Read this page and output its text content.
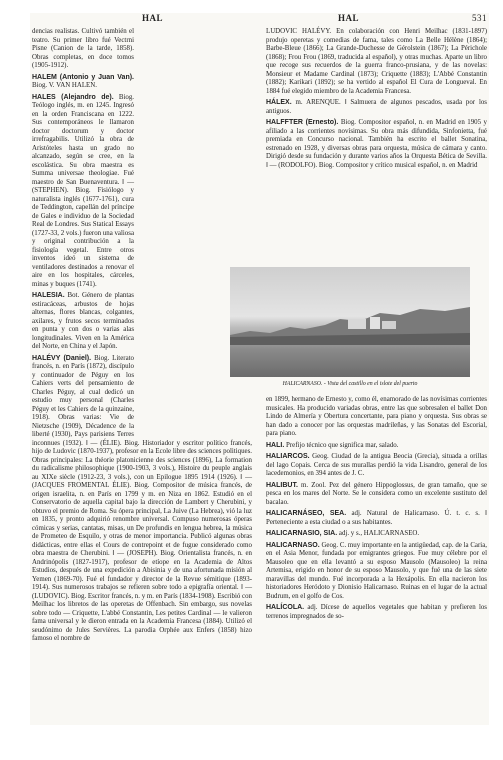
HAL	HAL	531
dencias realistas. Cultivó también el teatro. Su primer libro fué Vectrni Pisne (Canion de la tarde, 1858). Obras completas, en doce tomos (1905-1912).
HALEM (Antonio y Juan Van). Biog. V. VAN HALEN.
HALES (Alejandro de). Biog. Teólogo inglés, m. en 1245. Ingresó en la orden Franciscana en 1222. Sus contemporáneos le llamaron doctor doctorum y doctor irrefragabilis. Utilizó la obra de Aristóteles hasta un grado no alcanzado, según se cree, en la escolástica. Su obra maestra es Summa universae theologiae. Fué maestro de San Buenaventura. ‖ — (STEPHEN). Biog. Fisiólogo y naturalista inglés (1677-1761), cura de Teddington, capellán del príncipe de Gales e individuo de la Sociedad Real de Londres. Sus Statical Essays (1727-33, 2 vols.) fueron una valiosa y original contribución a la fisiología vegetal. Entre otros inventos ideó un sistema de ventiladores destinados a renovar el aire en los hospitales, cárceles, minas y buques (1741).
HALESIA. Bot. Género de plantas estiracáceas, arbustos de hojas alternas, flores blancas, colgantes, axilares, y frutos secos terminados en punta y con dos o varias alas longitudinales. Viven en la América del Norte, en China y el Japón.
HALÉVY (Daniel). Biog. Literato francés, n. en París (1872), discípulo y continuador de Péguy en los Cahiers verts del pensamiento de Charles Péguy, al cual dedicó un estudio muy personal (Charles Péguy et les Cahiers de la quinzaine, 1918). Obras varias: Vie de Nietzsche (1909), Décadence de la liberté (1930), Pays parisiens Terres inconnues (1932). ‖ — (ÉLIE). Biog. Historiador y escritor político francés, hijo de Ludovic (1870-1937), profesor en la Ecole libre des sciences politiques. Obras principales: La théorie platonicienne des sciences (1896), La formation du radicalisme philosophique (1900-1903, 3 vols.), Histoire du peuple anglais au XIXe siècle (1912-23, 3 vols.), con un Epilogue 1895 1914 (1926). ‖ — (JACQUES FROMENTAL ÉLIE). Biog. Compositor de música francés, de origen israelita, n. en París en 1799 y m. en Niza en 1862. Estudió en el Conservatorio de aquella capital bajo la dirección de Lambert y Cherubini, y obtuvo el premio de Roma. Su ópera principal, La Juive (La Hebrea), vió la luz en 1835, y pronto adquirió renombre universal. Compuso numerosas óperas cómicas y serias, cantatas, misas, un De profundis en lengua hebrea, la música de Prometeo de Esquilo, y otras de menor importancia. Publicó algunas obras didácticas, entre ellas el Cours de contrepoint et de fugue considerado como obra maestra de Cherubini. ‖ — (JOSEPH). Biog. Orientalista francés, n. en Andrinópolis (1827-1917), profesor de etíope en la Academia de Altos Estudios, después de una expedición a Abisinia y de una afortunada misión al Yemen (1869-70). Fué el fundador y director de la Revue sémitique (1893-1914). Sus numerosos trabajos se refieren sobre todo a epigrafía oriental. ‖ — (LUDOVIC). Biog. Escritor francés, n. y m. en París (1834-1908). Escribió con Meilhac los libretos de las operetas de Offenbach. Sin embargo, sus novelas sobre todo — Criquette, L'abbé Constantin, Les petites Cardinal — le valieron fama universal y le dieron entrada en la Academia Francesa (1884). Utilizó el seudónimo de Jules Servières. La parodia Orphée aux Enfers (1858) hizo famoso el nombre de
LUDOVIC HALÉVY. En colaboración con Henri Meilhac (1831-1897) produjo operetas y comedias de fama, tales como La Belle Hélène (1864); Barbe-Bleue (1866); La Grande-Duchesse de Gérolstein (1867); La Périchole (1868); Frou Frou (1869, traducida al español), y otras muchas. Aparte un libro que recoge sus recuerdos de la guerra franco-prusiana, y de las novelas: Monsieur et Madame Cardinal (1873); Criquette (1883); L'Abbé Constantin (1882); Karikari (1892); se ha vertido al español El Cura de Longueval. En 1884 fué elegido miembro de la Academia Francesa.
HÁLEX. m. ARENQUE. ‖ Salmuera de algunos pescados, usada por los antiguos.
HALFFTER (Ernesto). Biog. Compositor español, n. en Madrid en 1905 y afiliado a las corrientes novísimas. Su obra más difundida, Sinfonietta, fué premiada en Concurso nacional. También ha escrito el ballet Sonatina, estrenado en 1928, y diversas obras para orquesta, música de cámara y canto. Dirigió desde su fundación y durante varios años la Orquesta Bética de Sevilla. ‖ — (RODOLFO). Biog. Compositor y crítico musical español, n. en Madrid
HALICARNASO. - Vista del castillo en el islote del puerto
en 1899, hermano de Ernesto y, como él, enamorado de las novísimas corrientes musicales. Ha producido variadas obras, entre las que sobresalen el ballet Don Lindo de Almería y Obertura concertante, para piano y orquesta. Sus obras se han dado a conocer por las orquestas madrileñas, y las Sonatas del Escorial, para piano.
HALI. Prefijo técnico que significa mar, salado.
HALIARCOS. Geog. Ciudad de la antigua Beocia (Grecia), situada a orillas del lago Copais. Cerca de sus murallas perdió la vida Lisandro, general de los lacedemonios, en 394 antes de J. C.
HALIBUT. m. Zool. Pez del género Hippoglossus, de gran tamaño, que se pesca en los mares del Norte. Se le considera como un excelente sustituto del bacalao.
HALICARNÁSEO, SEA. adj. Natural de Halicarnaso. Ú. t. c. s. ‖ Perteneciente a esta ciudad o a sus habitantes.
HALICARNASIO, SIA. adj. y s., HALICARNASEO.
HALICARNASO. Geog. C. muy importante en la antigüedad, cap. de la Caria, en el Asia Menor, fundada por emigrantes griegos. Fue muy célebre por el Mausoleo que en ella levantó a su esposo Mausolo (Mausoleo) la reina Artemisa, erigido en honor de su esposo Mausolo, y que fué una de las siete maravillas del mundo. Fué incorporada a la Hexápolis. En ella nacieron los historiadores Heródoto y Dionisio Halicarnaso. Ruinas en el lugar de la actual Budrum, en el golfo de Cos.
HALÍCOLA. adj. Dícese de aquellos vegetales que habitan y prefieren los terrenos impregnados de so-
